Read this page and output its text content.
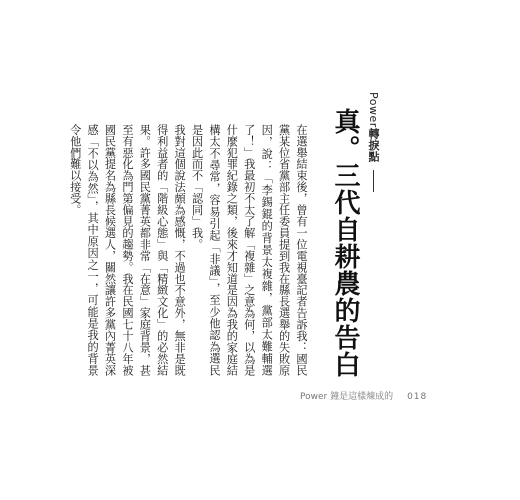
Power轉捩點
真。三代自耕農的告白

在選舉結束後，曾有一位電視臺記者告訴我：國民黨某位省黨部主任委員提到我在縣長選舉的失敗原因，說：「李錫錕的背景太複雜，黨部太難輔選了！」我最初不太了解「複雜」之意為何，以為是什麼犯罪紀錄之類，後來才知道是因為我的家庭結構太不尋常，容易引起「非議」，至少他認為選民是因此而不「認同」我。

我對這個說法頗為感慨，不過也不意外，無非是既得利益者的「階級心態」與「精緻文化」的必然結果。許多國民黨菁英都非常「在意」家庭背景，甚至有惡化為門第偏見的趨勢。我在民國七十八年被國民黨提名為縣長候選人，關然讓許多黨內菁英深感「不以為然」，其中原因之一，可能是我的背景令他們難以接受。

Power 鐘是這樣煉成的 018
